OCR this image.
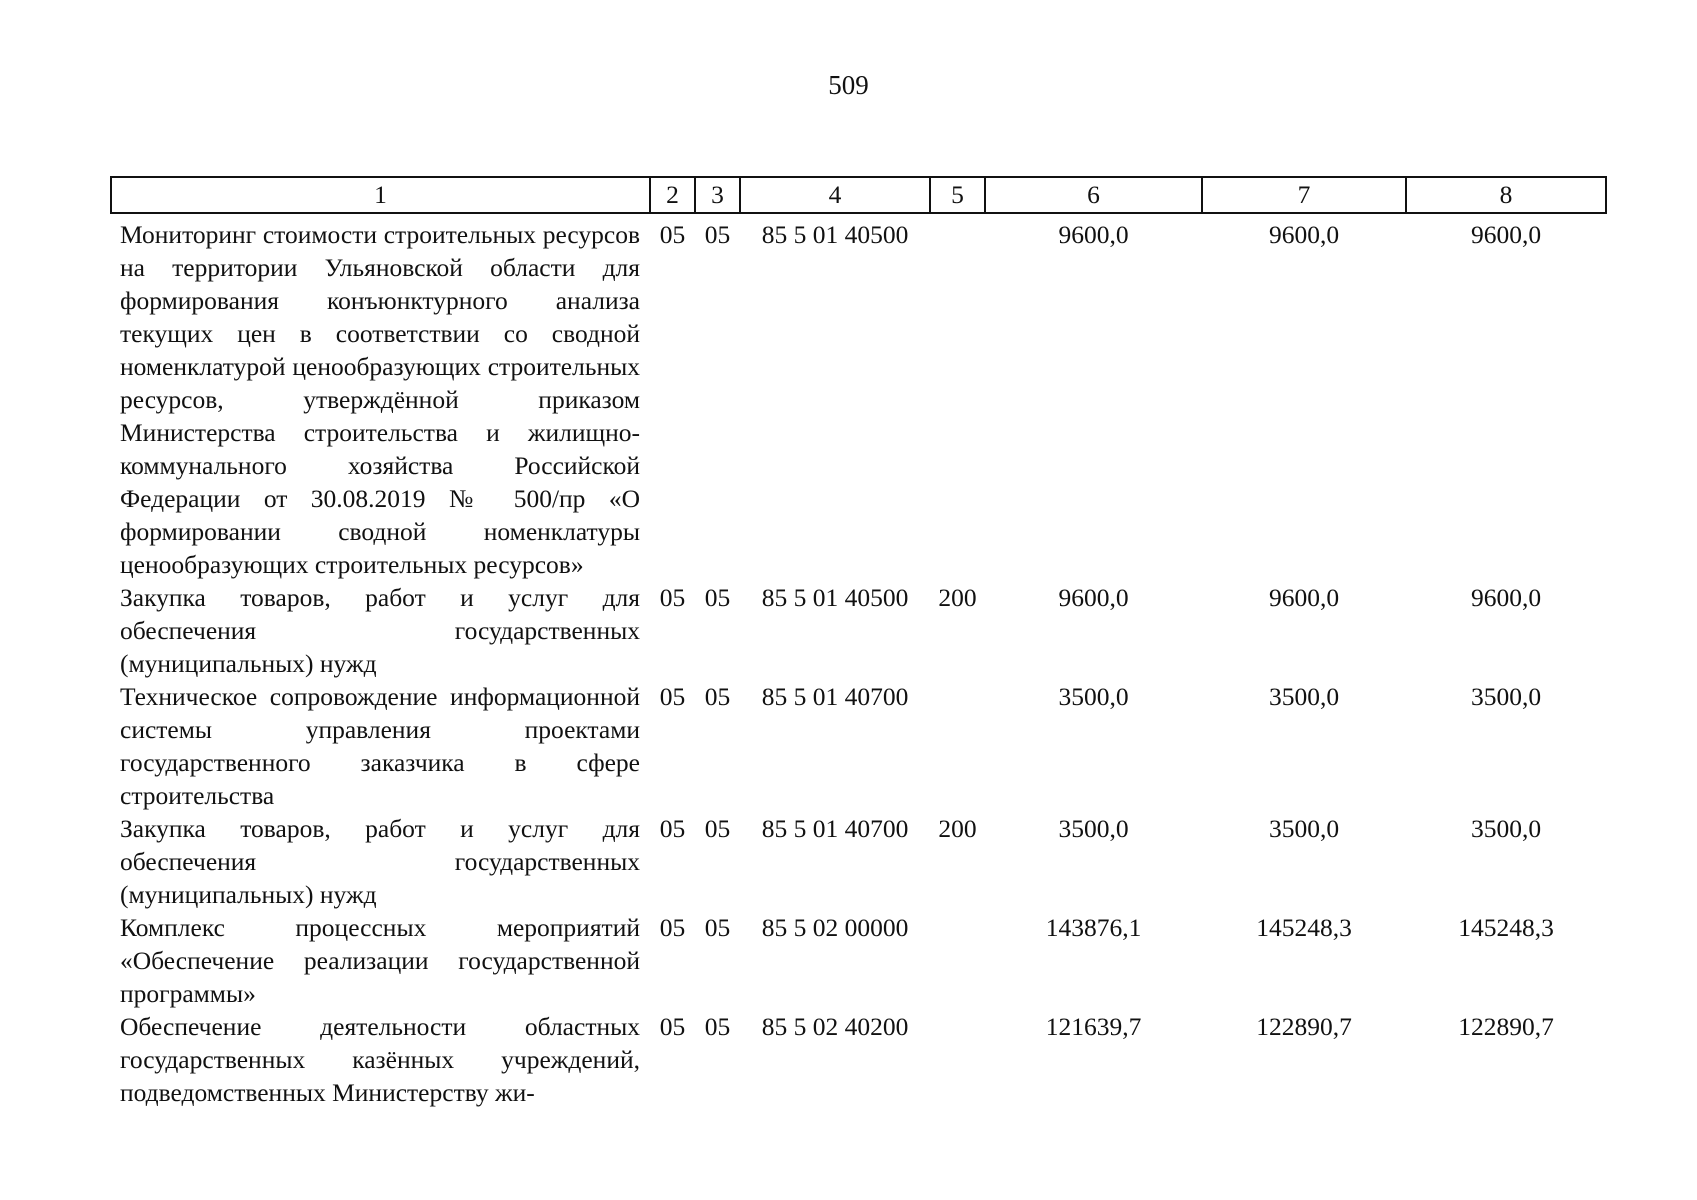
509
1	2	3	4	5	6	7	8
Мониторинг стоимости строительных ресурсов на территории Ульяновской области для формирования конъюнктурного анализа текущих цен в соответствии со сводной номенклатурой ценообразующих строительных ресурсов, утверждённой приказом Министерства строительства и жилищно-коммунального хозяйства Российской Федерации от 30.08.2019 № 500/пр «О формировании сводной номенклатуры ценообразующих строительных ресурсов»	05	05	85 5 01 40500		9600,0	9600,0	9600,0
Закупка товаров, работ и услуг для обеспечения государственных (муниципальных) нужд	05	05	85 5 01 40500	200	9600,0	9600,0	9600,0
Техническое сопровождение информационной системы управления проектами государственного заказчика в сфере строительства	05	05	85 5 01 40700		3500,0	3500,0	3500,0
Закупка товаров, работ и услуг для обеспечения государственных (муниципальных) нужд	05	05	85 5 01 40700	200	3500,0	3500,0	3500,0
Комплекс процессных мероприятий «Обеспечение реализации государственной программы»	05	05	85 5 02 00000		143876,1	145248,3	145248,3
Обеспечение деятельности областных государственных казённых учреждений, подведомственных Министерству жи-	05	05	85 5 02 40200		121639,7	122890,7	122890,7
